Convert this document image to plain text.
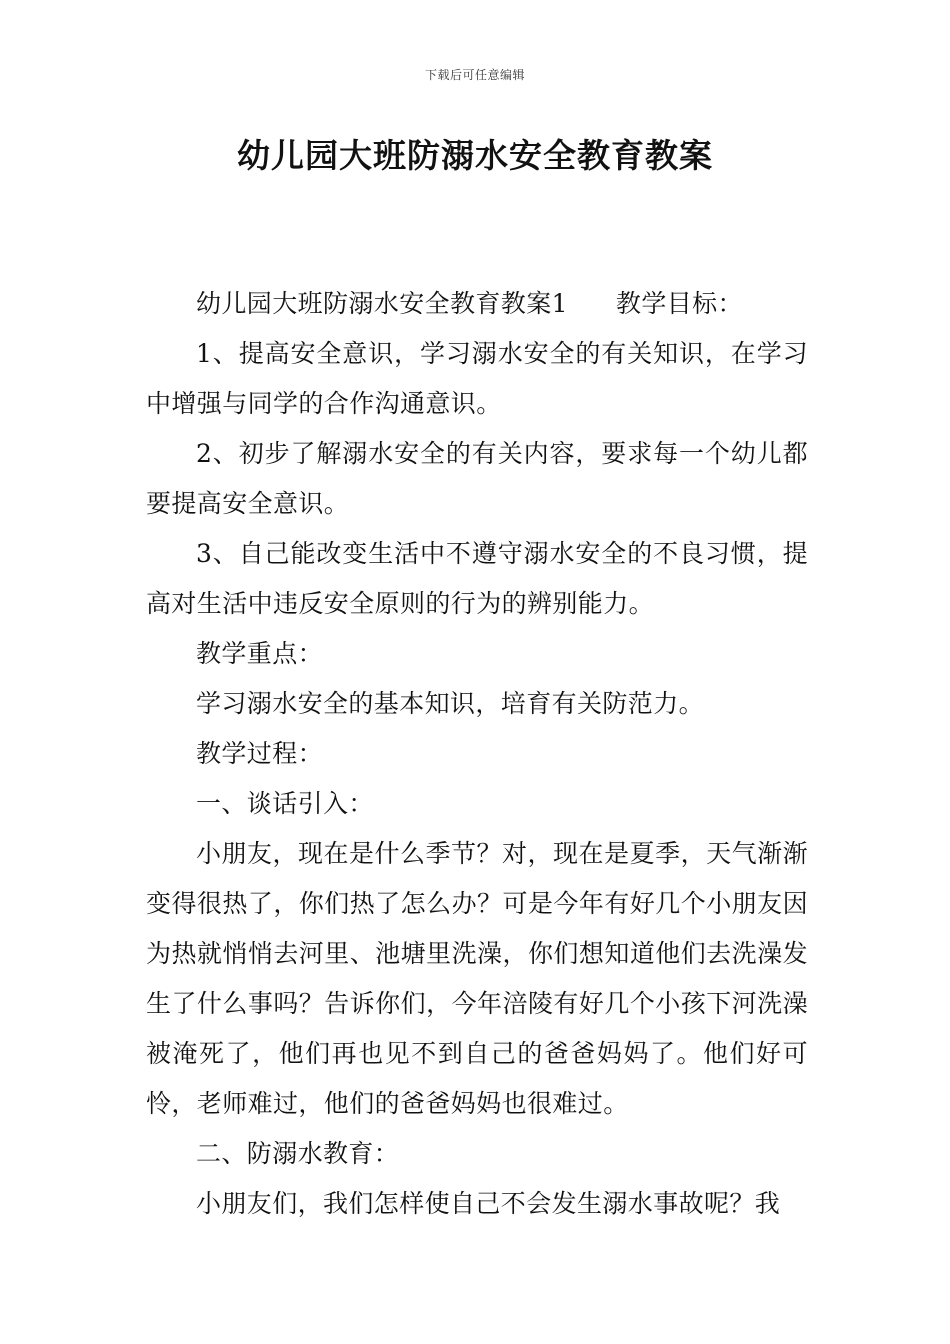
下载后可任意编辑
幼儿园大班防溺水安全教育教案

幼儿园大班防溺水安全教育教案1 教学目标：

1、提高安全意识，学习溺水安全的有关知识，在学习中增强与同学的合作沟通意识。

2、初步了解溺水安全的有关内容，要求每一个幼儿都要提高安全意识。

3、自己能改变生活中不遵守溺水安全的不良习惯，提高对生活中违反安全原则的行为的辨别能力。

教学重点：

学习溺水安全的基本知识，培育有关防范力。

教学过程：

一、谈话引入：

小朋友，现在是什么季节？对，现在是夏季，天气渐渐变得很热了，你们热了怎么办？可是今年有好几个小朋友因为热就悄悄去河里、池塘里洗澡，你们想知道他们去洗澡发生了什么事吗？告诉你们，今年涪陵有好几个小孩下河洗澡被淹死了，他们再也见不到自己的爸爸妈妈了。他们好可怜，老师难过，他们的爸爸妈妈也很难过。

二、防溺水教育：

小朋友们，我们怎样使自己不会发生溺水事故呢？我
